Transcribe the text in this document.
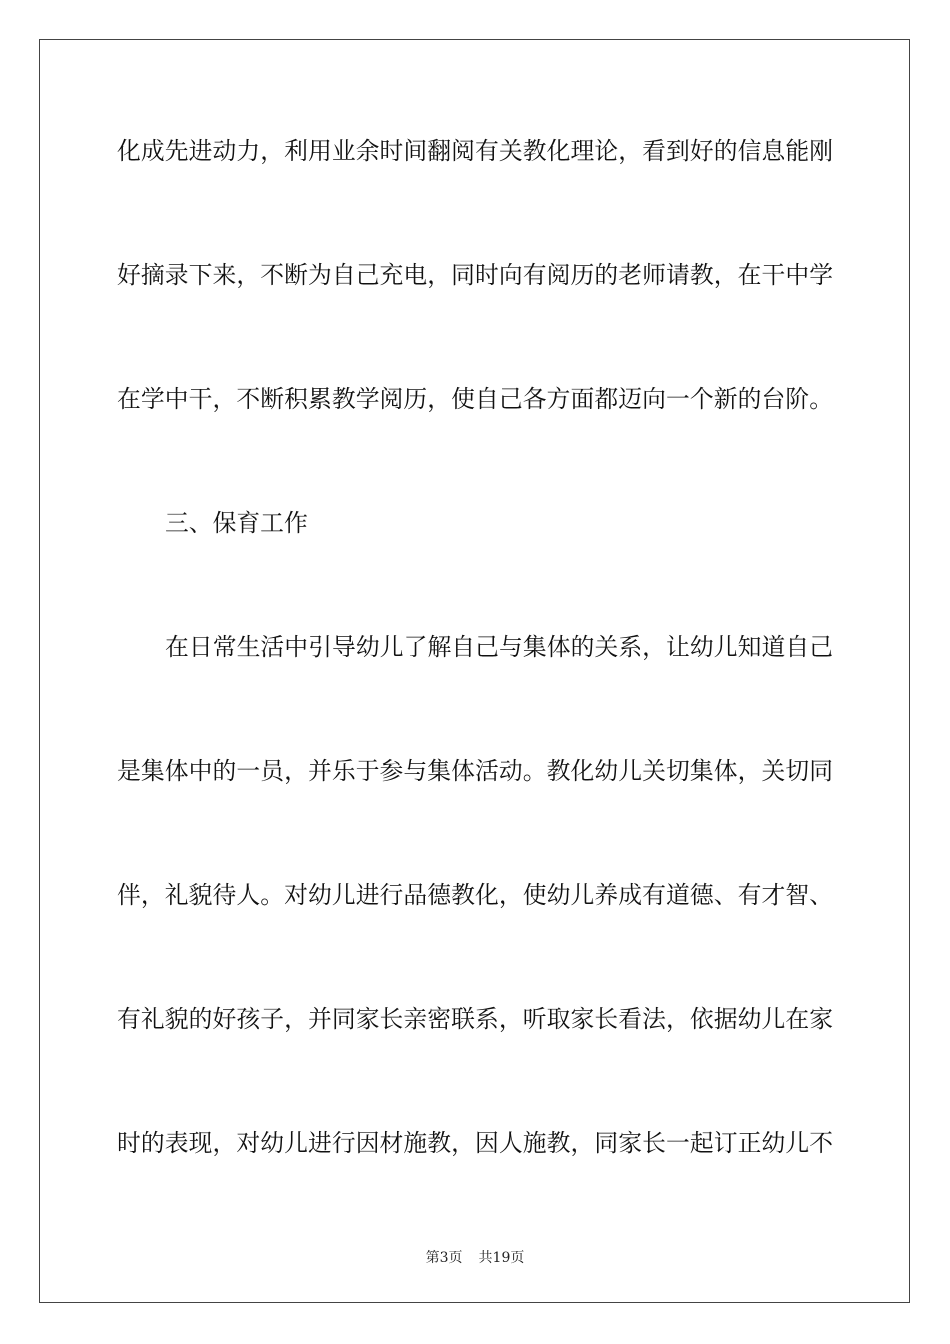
化成先进动力，利用业余时间翻阅有关教化理论，看到好的信息能刚
好摘录下来，不断为自己充电，同时向有阅历的老师请教，在干中学
在学中干，不断积累教学阅历，使自己各方面都迈向一个新的台阶。
三、保育工作
在日常生活中引导幼儿了解自己与集体的关系，让幼儿知道自己
是集体中的一员，并乐于参与集体活动。教化幼儿关切集体，关切同
伴，礼貌待人。对幼儿进行品德教化，使幼儿养成有道德、有才智、
有礼貌的好孩子，并同家长亲密联系，听取家长看法，依据幼儿在家
时的表现，对幼儿进行因材施教，因人施教，同家长一起订正幼儿不
第3页 共19页
